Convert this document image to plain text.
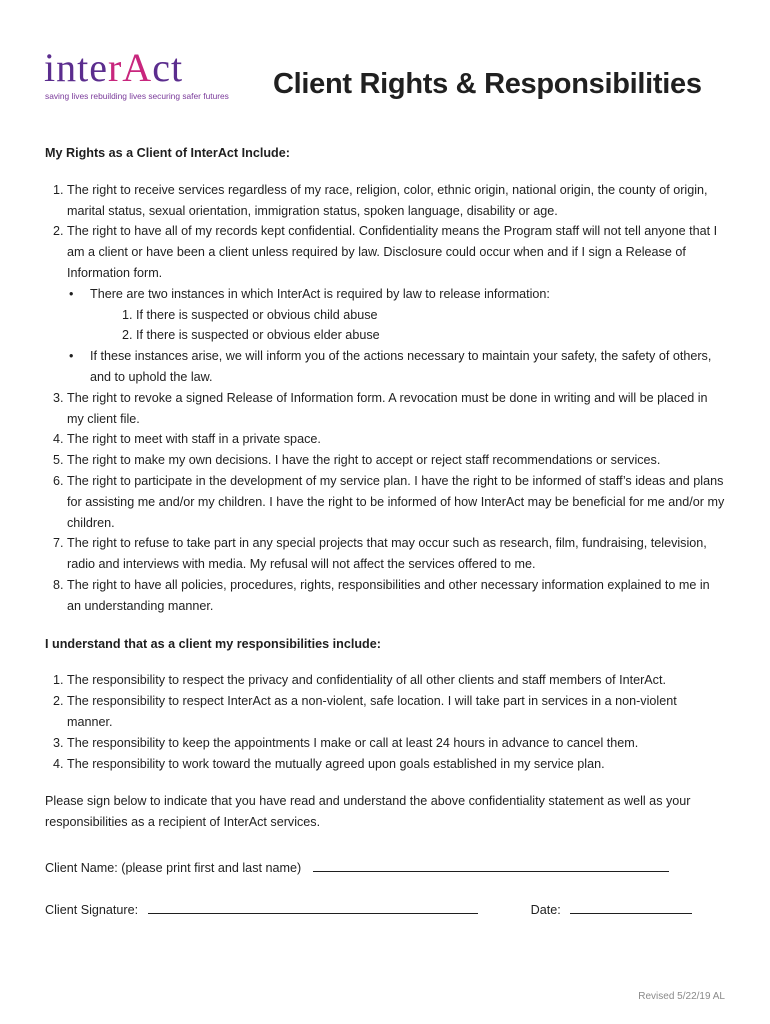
interAct
saving lives rebuilding lives securing safer futures Client Rights & Responsibilities
My Rights as a Client of InterAct Include:
1. The right to receive services regardless of my race, religion, color, ethnic origin, national origin, the county of origin, marital status, sexual orientation, immigration status, spoken language, disability or age.
2. The right to have all of my records kept confidential. Confidentiality means the Program staff will not tell anyone that I am a client or have been a client unless required by law. Disclosure could occur when and if I sign a Release of Information form.
• There are two instances in which InterAct is required by law to release information:
1. If there is suspected or obvious child abuse
2. If there is suspected or obvious elder abuse
• If these instances arise, we will inform you of the actions necessary to maintain your safety, the safety of others, and to uphold the law.
3. The right to revoke a signed Release of Information form. A revocation must be done in writing and will be placed in my client file.
4. The right to meet with staff in a private space.
5. The right to make my own decisions. I have the right to accept or reject staff recommendations or services.
6. The right to participate in the development of my service plan. I have the right to be informed of staff’s ideas and plans for assisting me and/or my children. I have the right to be informed of how InterAct may be beneficial for me and/or my children.
7. The right to refuse to take part in any special projects that may occur such as research, film, fundraising, television, radio and interviews with media. My refusal will not affect the services offered to me.
8. The right to have all policies, procedures, rights, responsibilities and other necessary information explained to me in an understanding manner.
I understand that as a client my responsibilities include:
1. The responsibility to respect the privacy and confidentiality of all other clients and staff members of InterAct.
2. The responsibility to respect InterAct as a non-violent, safe location. I will take part in services in a non-violent manner.
3. The responsibility to keep the appointments I make or call at least 24 hours in advance to cancel them.
4. The responsibility to work toward the mutually agreed upon goals established in my service plan.

Please sign below to indicate that you have read and understand the above confidentiality statement as well as your responsibilities as a recipient of InterAct services.

Client Name: (please print first and last name)
Client Signature:	Date:
Revised 5/22/19 AL
